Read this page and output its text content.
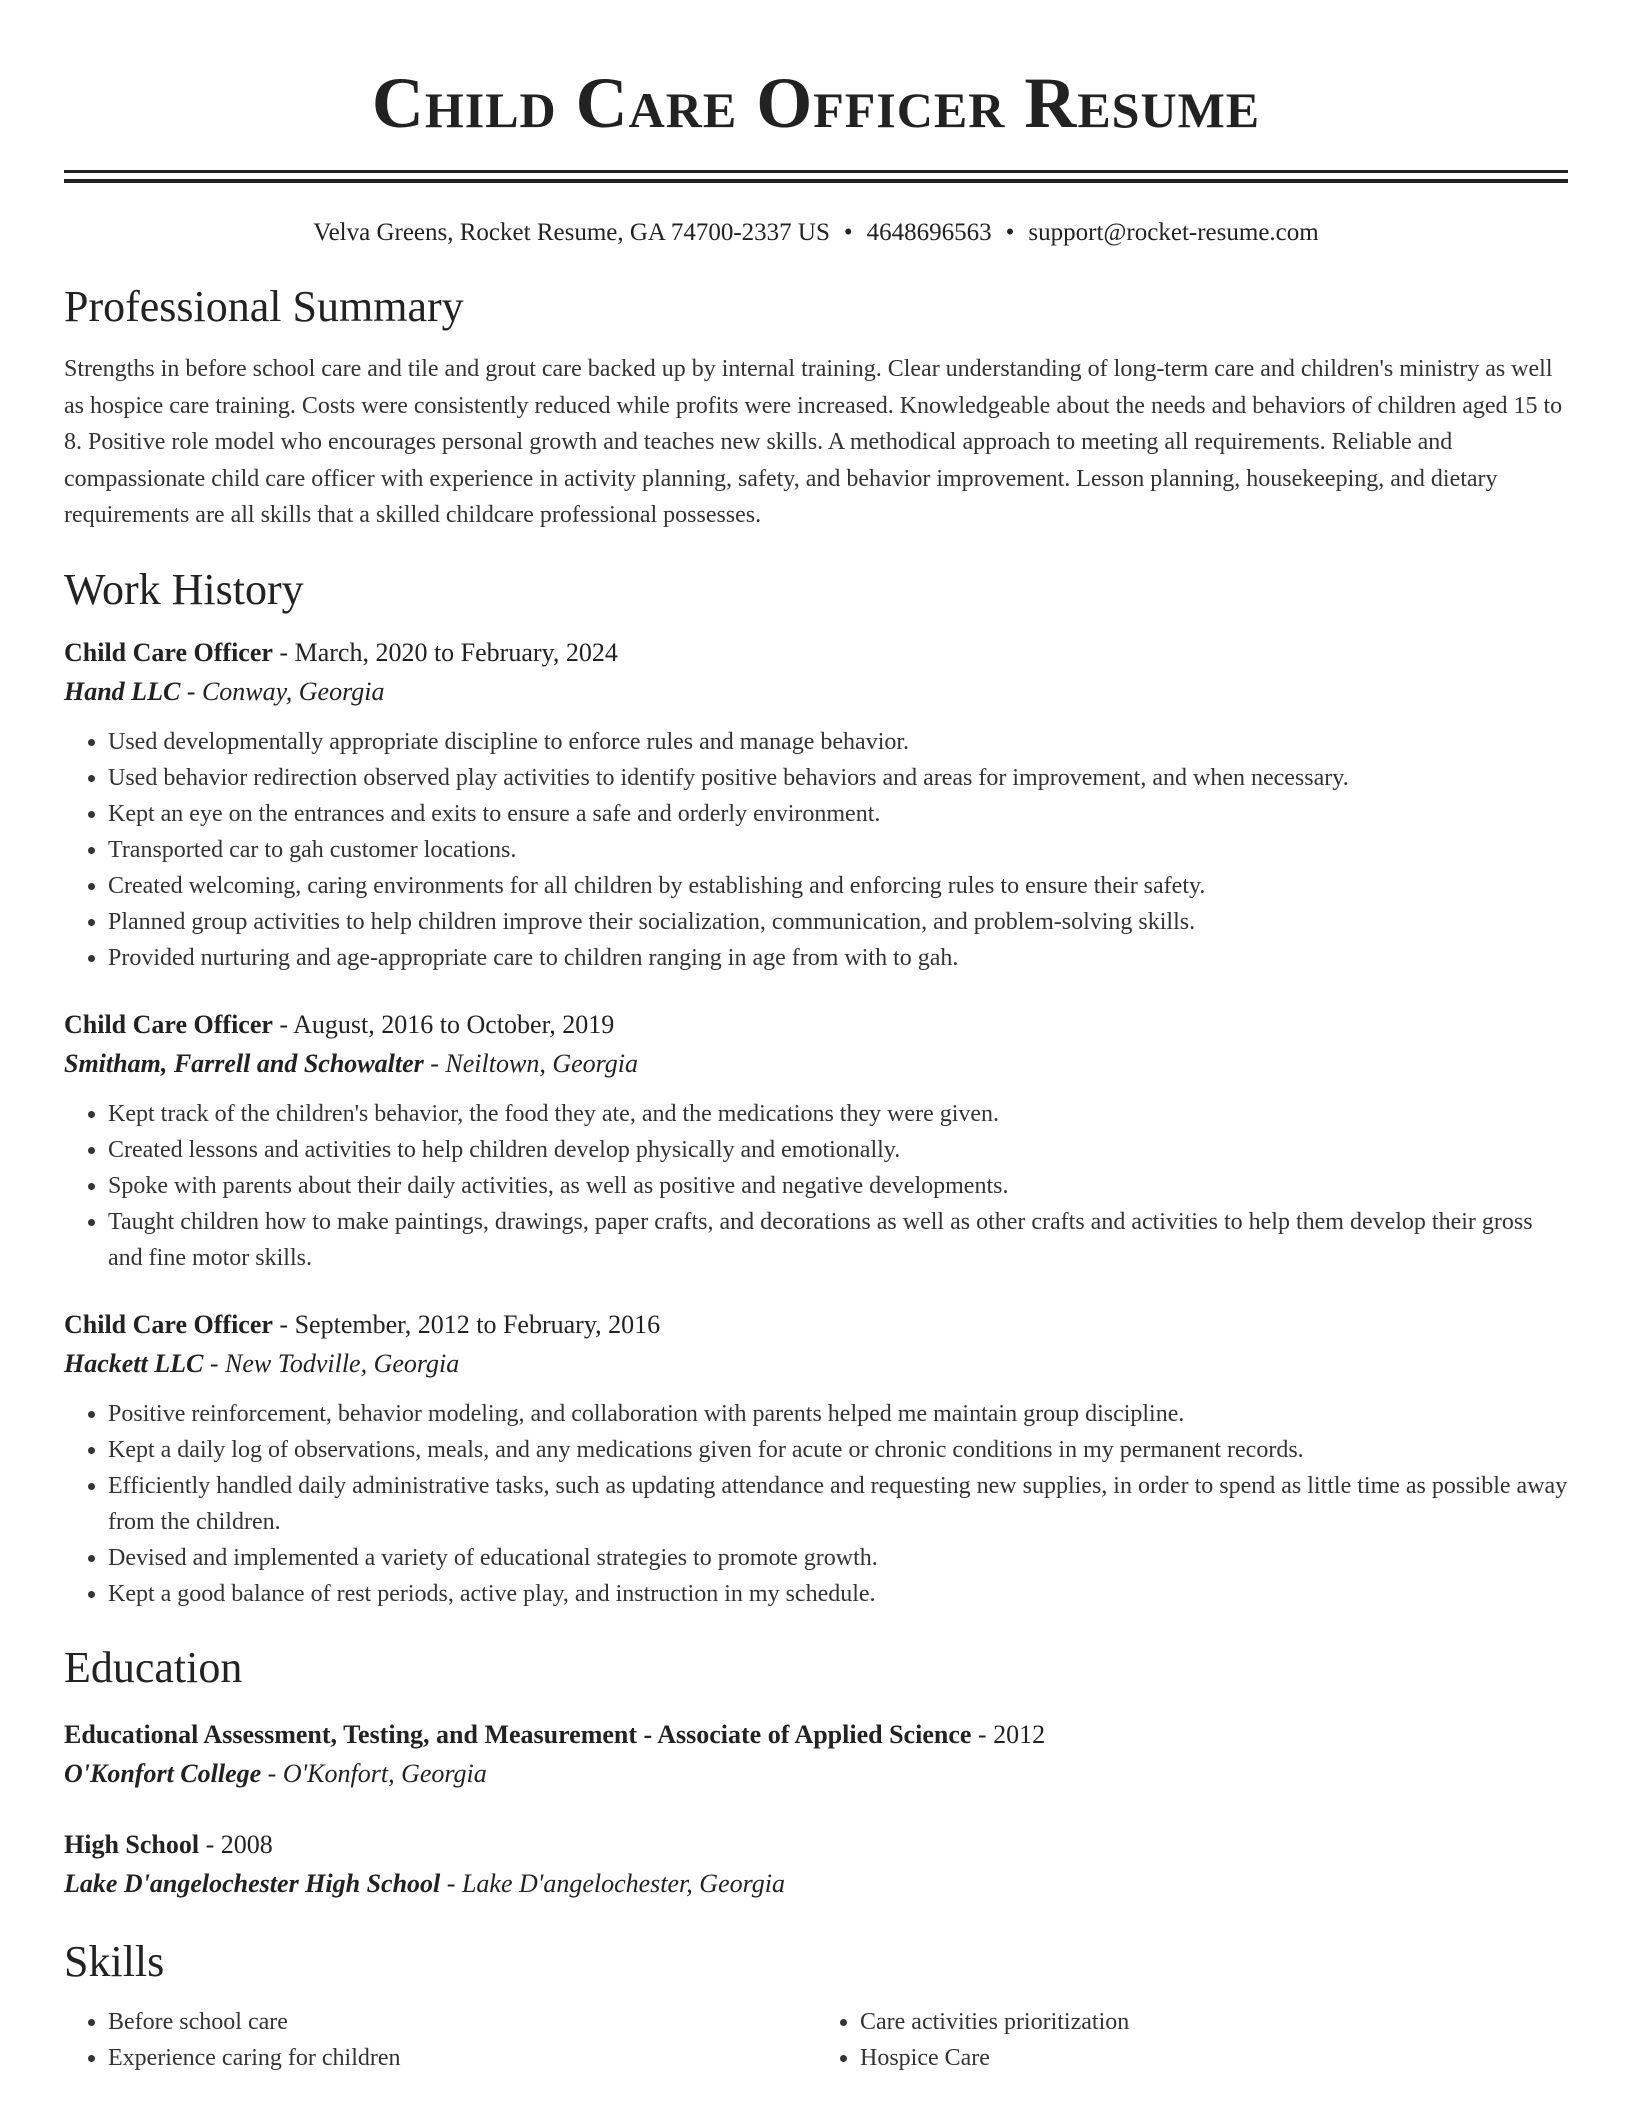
Child Care Officer Resume
Velva Greens, Rocket Resume, GA 74700-2337 US • 4648696563 • support@rocket-resume.com
Professional Summary

Strengths in before school care and tile and grout care backed up by internal training. Clear understanding of long-term care and children's ministry as well as hospice care training. Costs were consistently reduced while profits were increased. Knowledgeable about the needs and behaviors of children aged 15 to 8. Positive role model who encourages personal growth and teaches new skills. A methodical approach to meeting all requirements. Reliable and compassionate child care officer with experience in activity planning, safety, and behavior improvement. Lesson planning, housekeeping, and dietary requirements are all skills that a skilled childcare professional possesses.

Work History
Child Care Officer - March, 2020 to February, 2024
Hand LLC - Conway, Georgia
• Used developmentally appropriate discipline to enforce rules and manage behavior.
• Used behavior redirection observed play activities to identify positive behaviors and areas for improvement, and when necessary.
• Kept an eye on the entrances and exits to ensure a safe and orderly environment.
• Transported car to gah customer locations.
• Created welcoming, caring environments for all children by establishing and enforcing rules to ensure their safety.
• Planned group activities to help children improve their socialization, communication, and problem-solving skills.
• Provided nurturing and age-appropriate care to children ranging in age from with to gah.
Child Care Officer - August, 2016 to October, 2019
Smitham, Farrell and Schowalter - Neiltown, Georgia
• Kept track of the children's behavior, the food they ate, and the medications they were given.
• Created lessons and activities to help children develop physically and emotionally.
• Spoke with parents about their daily activities, as well as positive and negative developments.
• Taught children how to make paintings, drawings, paper crafts, and decorations as well as other crafts and activities to help them develop their gross and fine motor skills.
Child Care Officer - September, 2012 to February, 2016
Hackett LLC - New Todville, Georgia
• Positive reinforcement, behavior modeling, and collaboration with parents helped me maintain group discipline.
• Kept a daily log of observations, meals, and any medications given for acute or chronic conditions in my permanent records.
• Efficiently handled daily administrative tasks, such as updating attendance and requesting new supplies, in order to spend as little time as possible away from the children.
• Devised and implemented a variety of educational strategies to promote growth.
• Kept a good balance of rest periods, active play, and instruction in my schedule.
Education
Educational Assessment, Testing, and Measurement - Associate of Applied Science - 2012
O'Konfort College - O'Konfort, Georgia
High School - 2008
Lake D'angelochester High School - Lake D'angelochester, Georgia
Skills
• Before school care
• Experience caring for children
• Care activities prioritization
• Hospice Care
